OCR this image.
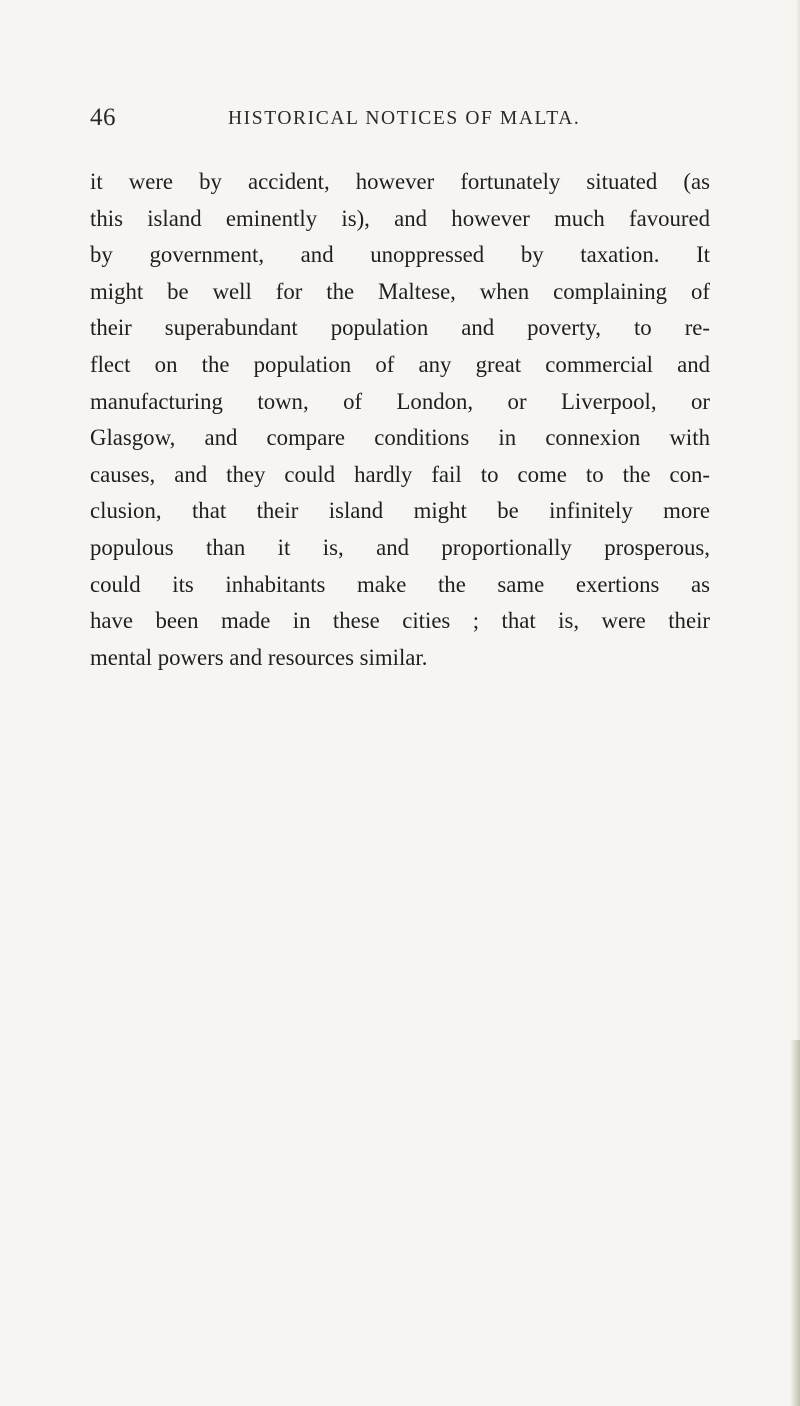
46	HISTORICAL NOTICES OF MALTA.

it were by accident, however fortunately situated (as
this island eminently is), and however much favoured
by government, and unoppressed by taxation. It
might be well for the Maltese, when complaining of
their superabundant population and poverty, to re-
flect on the population of any great commercial and
manufacturing town, of London, or Liverpool, or
Glasgow, and compare conditions in connexion with
causes, and they could hardly fail to come to the con-
clusion, that their island might be infinitely more
populous than it is, and proportionally prosperous,
could its inhabitants make the same exertions as
have been made in these cities ; that is, were their
mental powers and resources similar.
